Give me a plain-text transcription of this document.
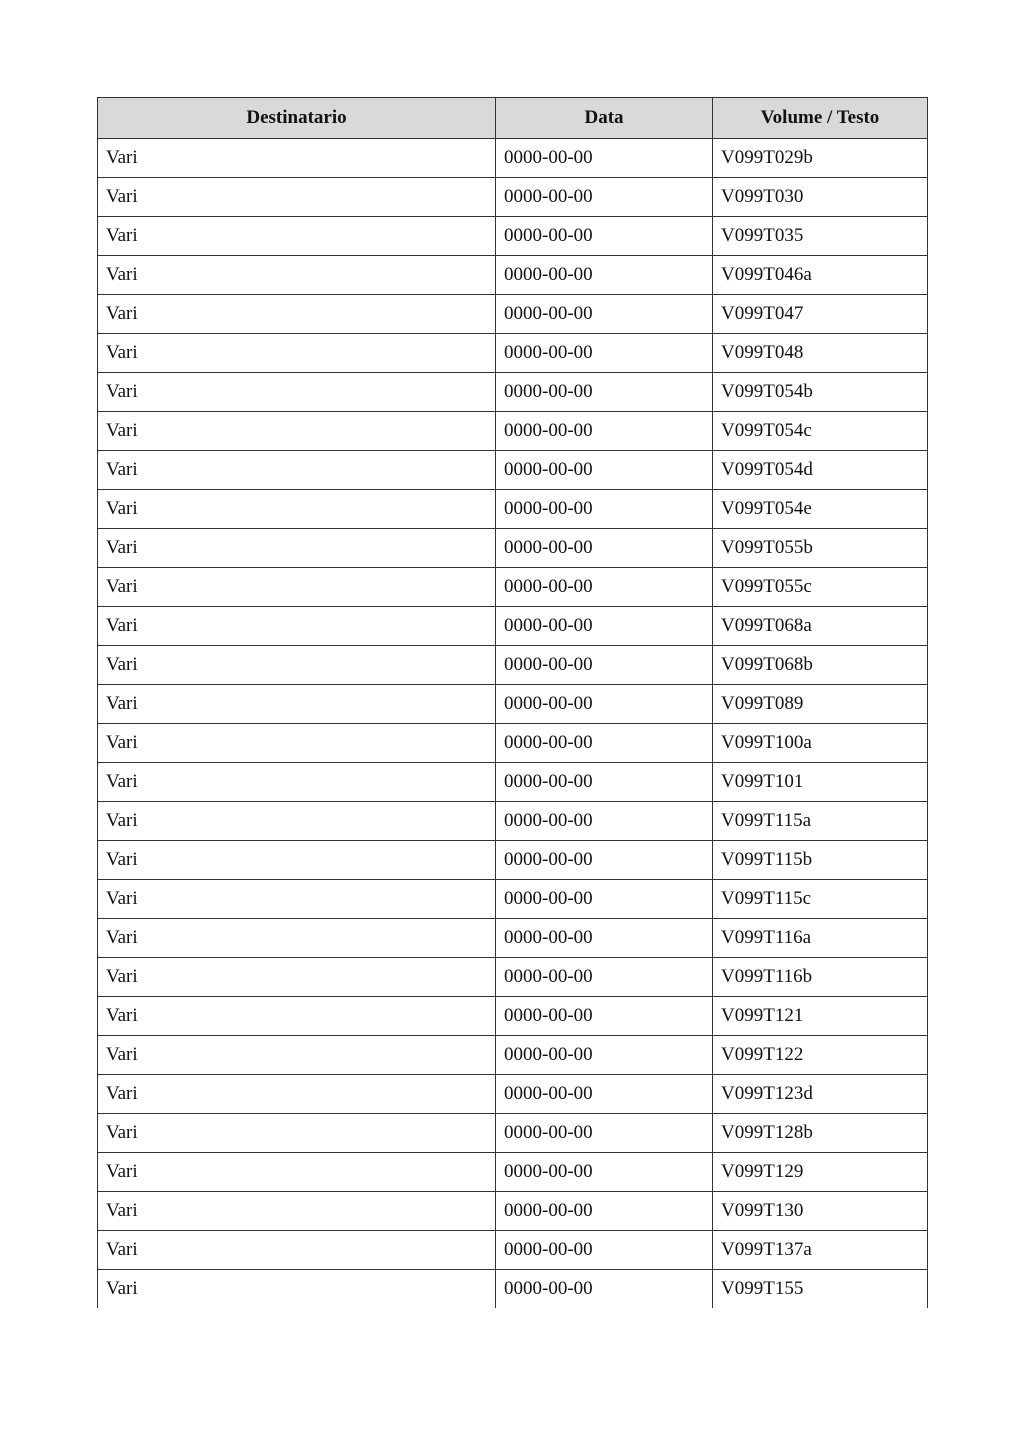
Destinatario	Data	Volume / Testo
Vari	0000-00-00	V099T029b
Vari	0000-00-00	V099T030
Vari	0000-00-00	V099T035
Vari	0000-00-00	V099T046a
Vari	0000-00-00	V099T047
Vari	0000-00-00	V099T048
Vari	0000-00-00	V099T054b
Vari	0000-00-00	V099T054c
Vari	0000-00-00	V099T054d
Vari	0000-00-00	V099T054e
Vari	0000-00-00	V099T055b
Vari	0000-00-00	V099T055c
Vari	0000-00-00	V099T068a
Vari	0000-00-00	V099T068b
Vari	0000-00-00	V099T089
Vari	0000-00-00	V099T100a
Vari	0000-00-00	V099T101
Vari	0000-00-00	V099T115a
Vari	0000-00-00	V099T115b
Vari	0000-00-00	V099T115c
Vari	0000-00-00	V099T116a
Vari	0000-00-00	V099T116b
Vari	0000-00-00	V099T121
Vari	0000-00-00	V099T122
Vari	0000-00-00	V099T123d
Vari	0000-00-00	V099T128b
Vari	0000-00-00	V099T129
Vari	0000-00-00	V099T130
Vari	0000-00-00	V099T137a
Vari	0000-00-00	V099T155
